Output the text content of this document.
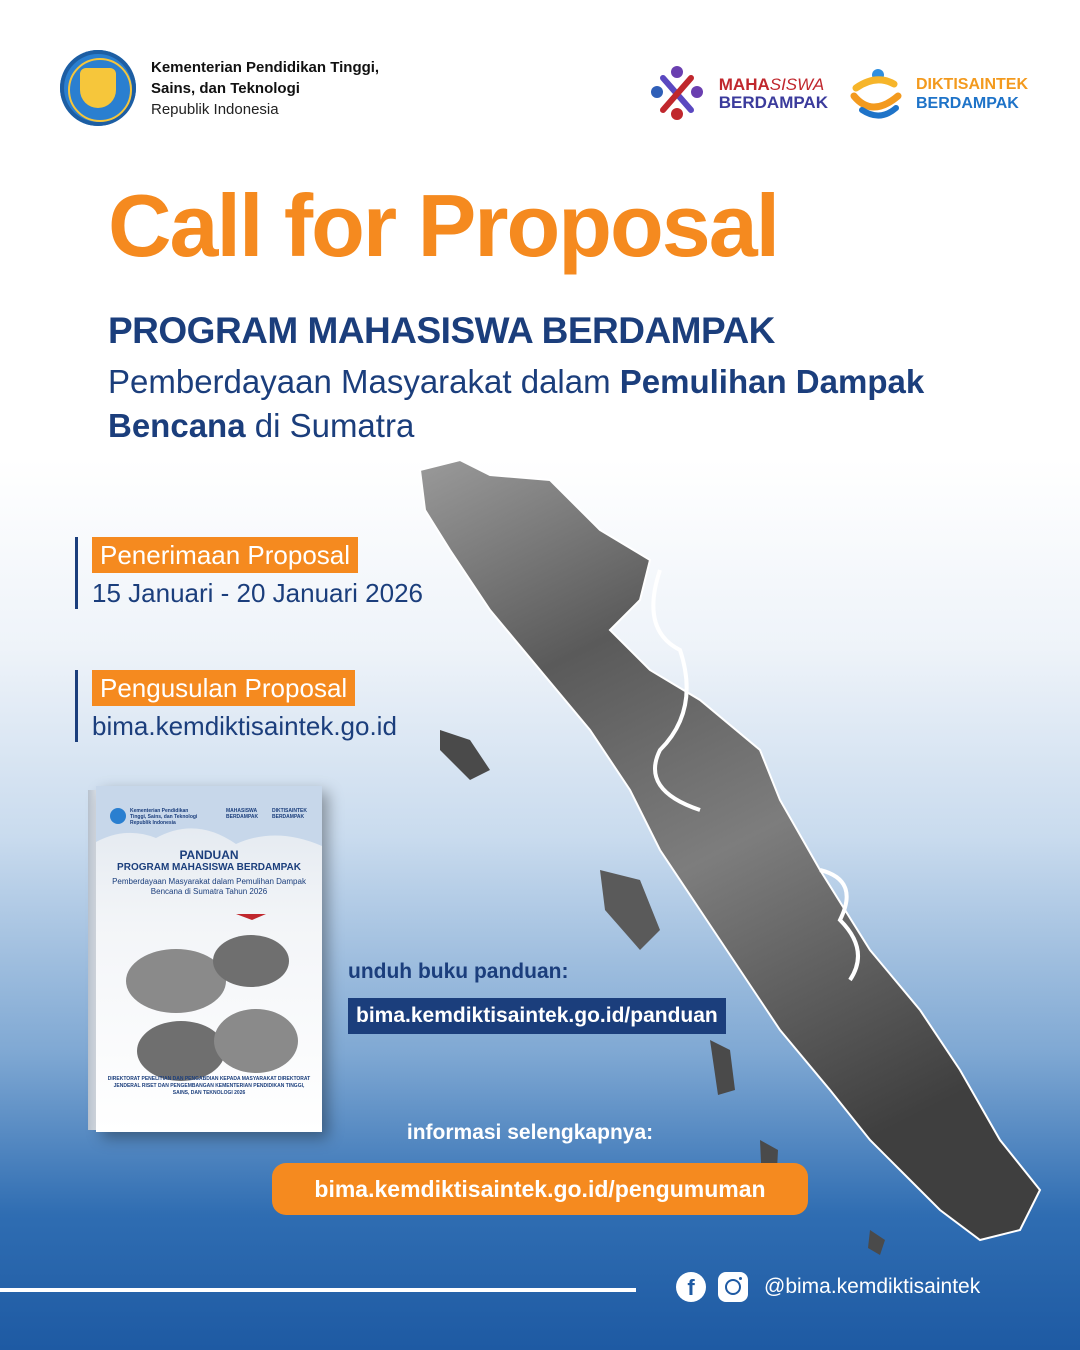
Kementerian Pendidikan Tinggi,
Sains, dan Teknologi
Republik Indonesia
MAHASISWA
BERDAMPAK
DIKTISAINTEK
BERDAMPAK
Call for Proposal
PROGRAM MAHASISWA BERDAMPAK
Pemberdayaan Masyarakat dalam Pemulihan Dampak Bencana di Sumatra
Penerimaan Proposal
15 Januari - 20 Januari 2026
Pengusulan Proposal
bima.kemdiktisaintek.go.id
Kementerian Pendidikan Tinggi, Sains, dan Teknologi Republik Indonesia
MAHASISWA BERDAMPAK
DIKTISAINTEK BERDAMPAK
PANDUAN
PROGRAM MAHASISWA BERDAMPAK
Pemberdayaan Masyarakat dalam Pemulihan Dampak Bencana di Sumatra Tahun 2026
DIREKTORAT PENELITIAN DAN PENGABDIAN KEPADA MASYARAKAT DIREKTORAT JENDERAL RISET DAN PENGEMBANGAN KEMENTERIAN PENDIDIKAN TINGGI, SAINS, DAN TEKNOLOGI 2026
unduh buku panduan:
bima.kemdiktisaintek.go.id/panduan
informasi selengkapnya:
bima.kemdiktisaintek.go.id/pengumuman
f	@bima.kemdiktisaintek
